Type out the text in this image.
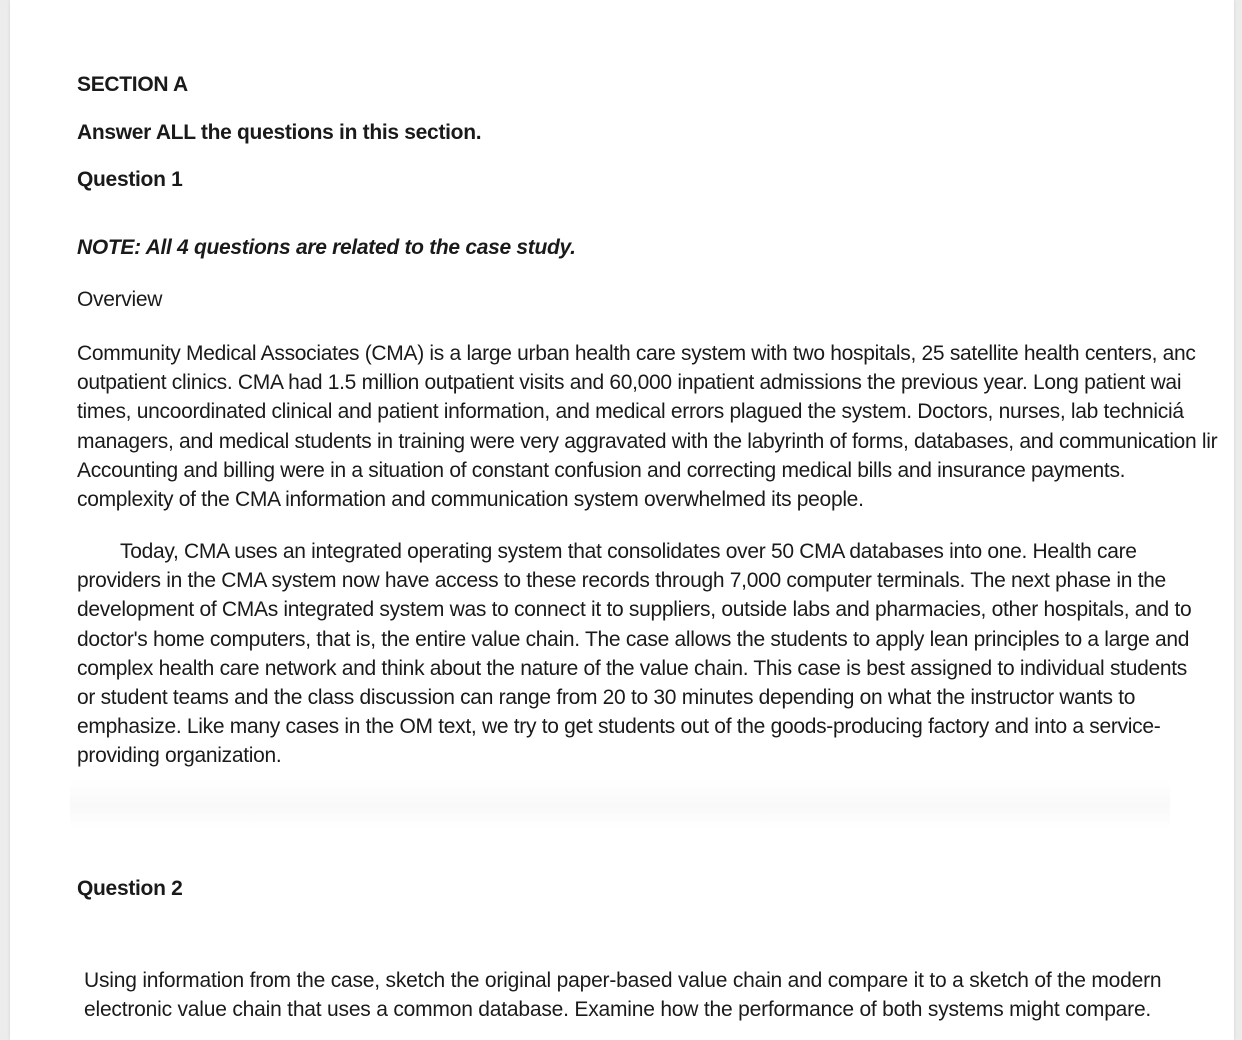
SECTION A

Answer ALL the questions in this section.

Question 1

NOTE: All 4 questions are related to the case study.

Overview

Community Medical Associates (CMA) is a large urban health care system with two hospitals, 25 satellite health centers, anc
outpatient clinics. CMA had 1.5 million outpatient visits and 60,000 inpatient admissions the previous year. Long patient wai
times, uncoordinated clinical and patient information, and medical errors plagued the system. Doctors, nurses, lab techniciá
managers, and medical students in training were very aggravated with the labyrinth of forms, databases, and communication lir
Accounting and billing were in a situation of constant confusion and correcting medical bills and insurance payments.
complexity of the CMA information and communication system overwhelmed its people.
Today, CMA uses an integrated operating system that consolidates over 50 CMA databases into one. Health care
providers in the CMA system now have access to these records through 7,000 computer terminals. The next phase in the
development of CMAs integrated system was to connect it to suppliers, outside labs and pharmacies, other hospitals, and to
doctor's home computers, that is, the entire value chain. The case allows the students to apply lean principles to a large and
complex health care network and think about the nature of the value chain. This case is best assigned to individual students
or student teams and the class discussion can range from 20 to 30 minutes depending on what the instructor wants to
emphasize. Like many cases in the OM text, we try to get students out of the goods-producing factory and into a service-
providing organization.
Question 2
Using information from the case, sketch the original paper-based value chain and compare it to a sketch of the modern
electronic value chain that uses a common database. Examine how the performance of both systems might compare.
